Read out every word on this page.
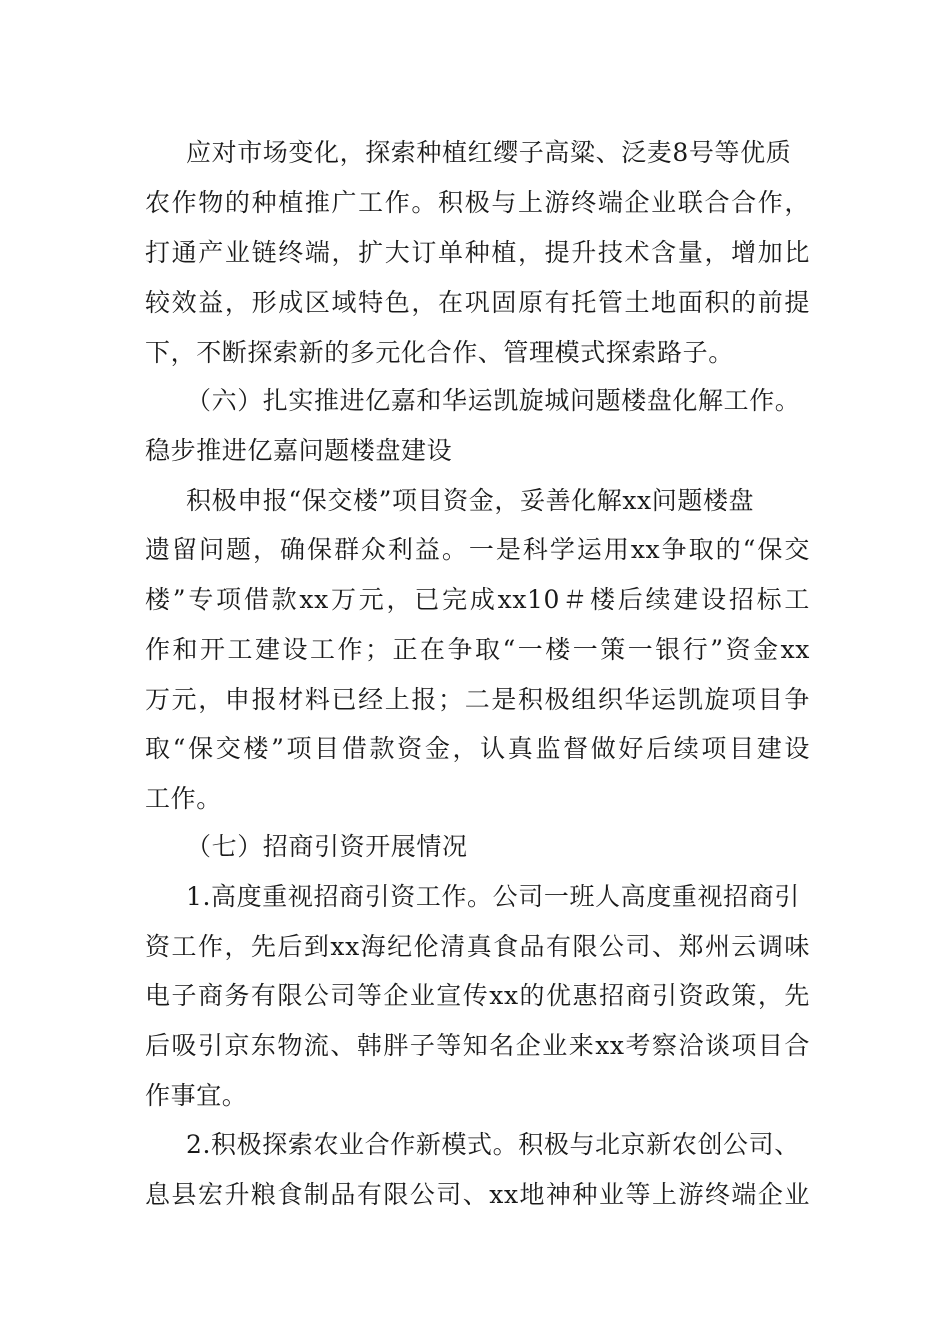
应对市场变化，探索种植红缨子高粱、泛麦8号等优质
农作物的种植推广工作。积极与上游终端企业联合合作，
打通产业链终端，扩大订单种植，提升技术含量，增加比
较效益，形成区域特色，在巩固原有托管土地面积的前提
下，不断探索新的多元化合作、管理模式探索路子。
（六）扎实推进亿嘉和华运凯旋城问题楼盘化解工作。
稳步推进亿嘉问题楼盘建设
积极申报“保交楼”项目资金，妥善化解xx问题楼盘
遗留问题，确保群众利益。一是科学运用xx争取的“保交
楼”专项借款xx万元，已完成xx10＃楼后续建设招标工
作和开工建设工作；正在争取“一楼一策一银行”资金xx
万元，申报材料已经上报；二是积极组织华运凯旋项目争
取“保交楼”项目借款资金，认真监督做好后续项目建设
工作。
（七）招商引资开展情况
1.高度重视招商引资工作。公司一班人高度重视招商引
资工作，先后到xx海纪伦清真食品有限公司、郑州云调味
电子商务有限公司等企业宣传xx的优惠招商引资政策，先
后吸引京东物流、韩胖子等知名企业来xx考察洽谈项目合
作事宜。
2.积极探索农业合作新模式。积极与北京新农创公司、
息县宏升粮食制品有限公司、xx地神种业等上游终端企业
